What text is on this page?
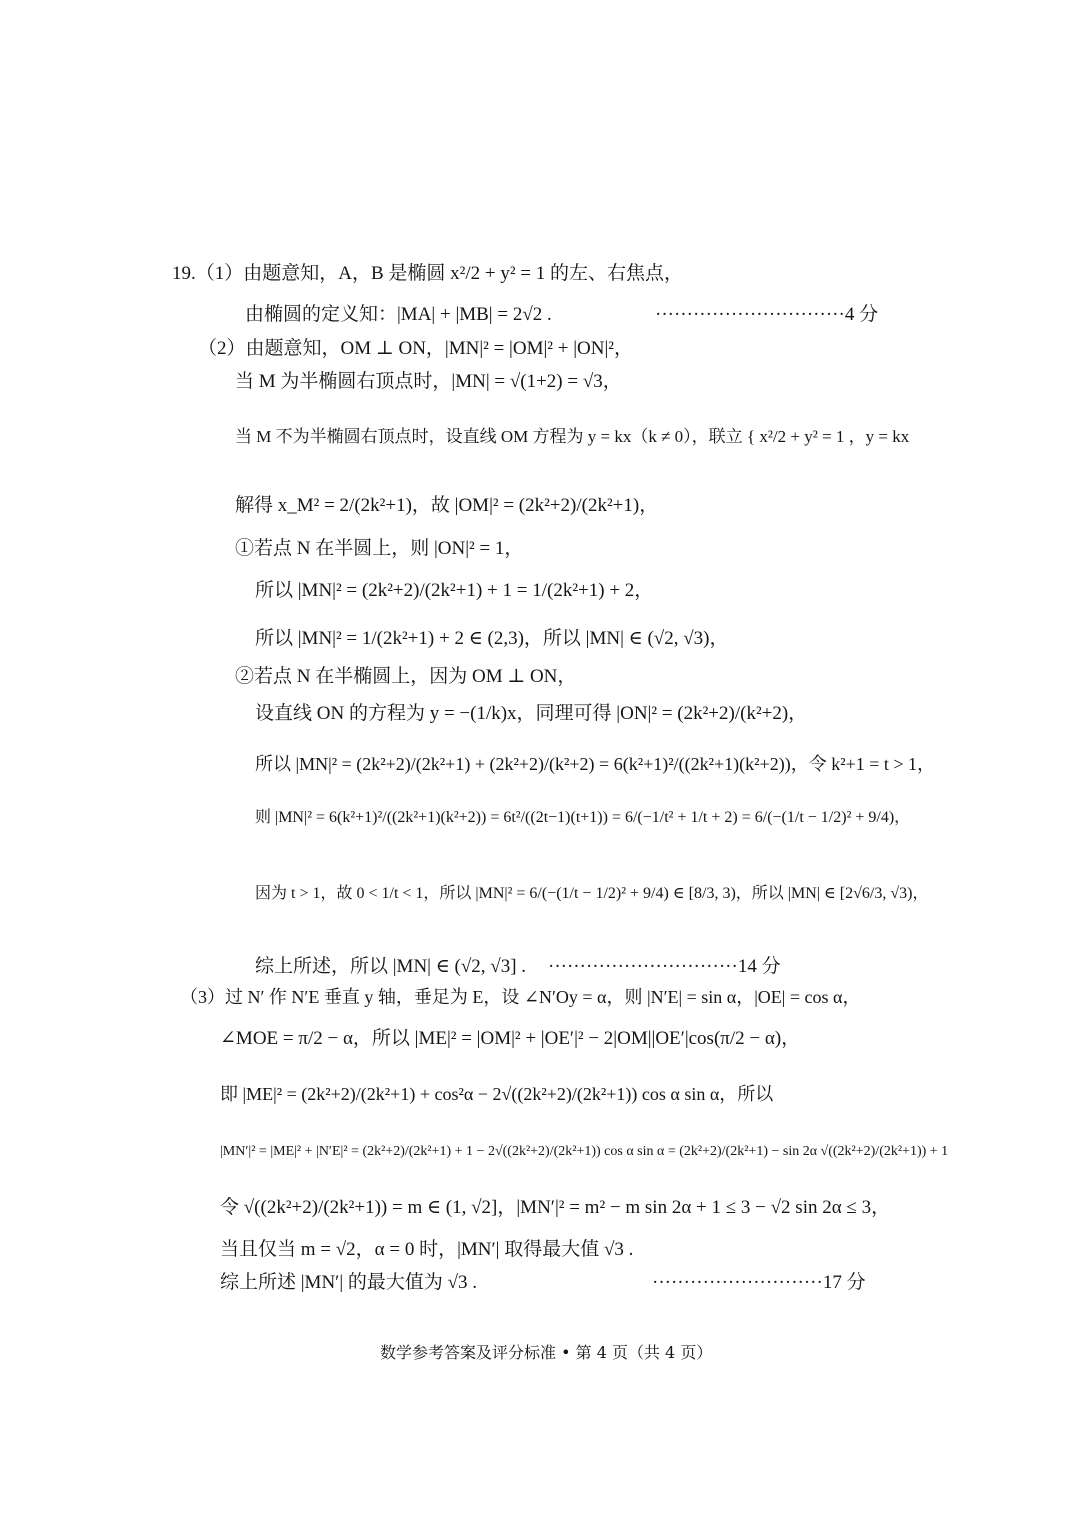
19.（1）由题意知，A，B 是椭圆 x²/2 + y² = 1 的左、右焦点，
由椭圆的定义知：|MA| + |MB| = 2√2 .	······························4 分
（2）由题意知，OM ⊥ ON，|MN|² = |OM|² + |ON|²，
当 M 为半椭圆右顶点时，|MN| = √(1+2) = √3，
当 M 不为半椭圆右顶点时，设直线 OM 方程为 y = kx（k ≠ 0），联立 { x²/2 + y² = 1 ，y = kx
解得 x_M² = 2/(2k²+1)，故 |OM|² = (2k²+2)/(2k²+1)，
①若点 N 在半圆上，则 |ON|² = 1，
所以 |MN|² = (2k²+2)/(2k²+1) + 1 = 1/(2k²+1) + 2，
所以 |MN|² = 1/(2k²+1) + 2 ∈ (2,3)，所以 |MN| ∈ (√2, √3)，
②若点 N 在半椭圆上，因为 OM ⊥ ON，
设直线 ON 的方程为 y = −(1/k)x，同理可得 |ON|² = (2k²+2)/(k²+2)，
所以 |MN|² = (2k²+2)/(2k²+1) + (2k²+2)/(k²+2) = 6(k²+1)²/((2k²+1)(k²+2))，令 k²+1 = t > 1，
则 |MN|² = 6(k²+1)²/((2k²+1)(k²+2)) = 6t²/((2t−1)(t+1)) = 6/(−1/t² + 1/t + 2) = 6/(−(1/t − 1/2)² + 9/4)，
因为 t > 1，故 0 < 1/t < 1，所以 |MN|² = 6/(−(1/t − 1/2)² + 9/4) ∈ [8/3, 3)，所以 |MN| ∈ [2√6/3, √3)，
综上所述，所以 |MN| ∈ (√2, √3] . ······························14 分
（3）过 N′ 作 N′E 垂直 y 轴，垂足为 E，设 ∠N′Oy = α，则 |N′E| = sin α，|OE| = cos α，
∠MOE = π/2 − α，所以 |ME|² = |OM|² + |OE′|² − 2|OM||OE′|cos(π/2 − α)，
即 |ME|² = (2k²+2)/(2k²+1) + cos²α − 2√((2k²+2)/(2k²+1)) cos α sin α，所以
|MN′|² = |ME|² + |N′E|² = (2k²+2)/(2k²+1) + 1 − 2√((2k²+2)/(2k²+1)) cos α sin α = (2k²+2)/(2k²+1) − sin 2α √((2k²+2)/(2k²+1)) + 1
令 √((2k²+2)/(2k²+1)) = m ∈ (1, √2]，|MN′|² = m² − m sin 2α + 1 ≤ 3 − √2 sin 2α ≤ 3，
当且仅当 m = √2，α = 0 时，|MN′| 取得最大值 √3 .
综上所述 |MN′| 的最大值为 √3 .	···························17 分
数学参考答案及评分标准 • 第 4 页（共 4 页）
